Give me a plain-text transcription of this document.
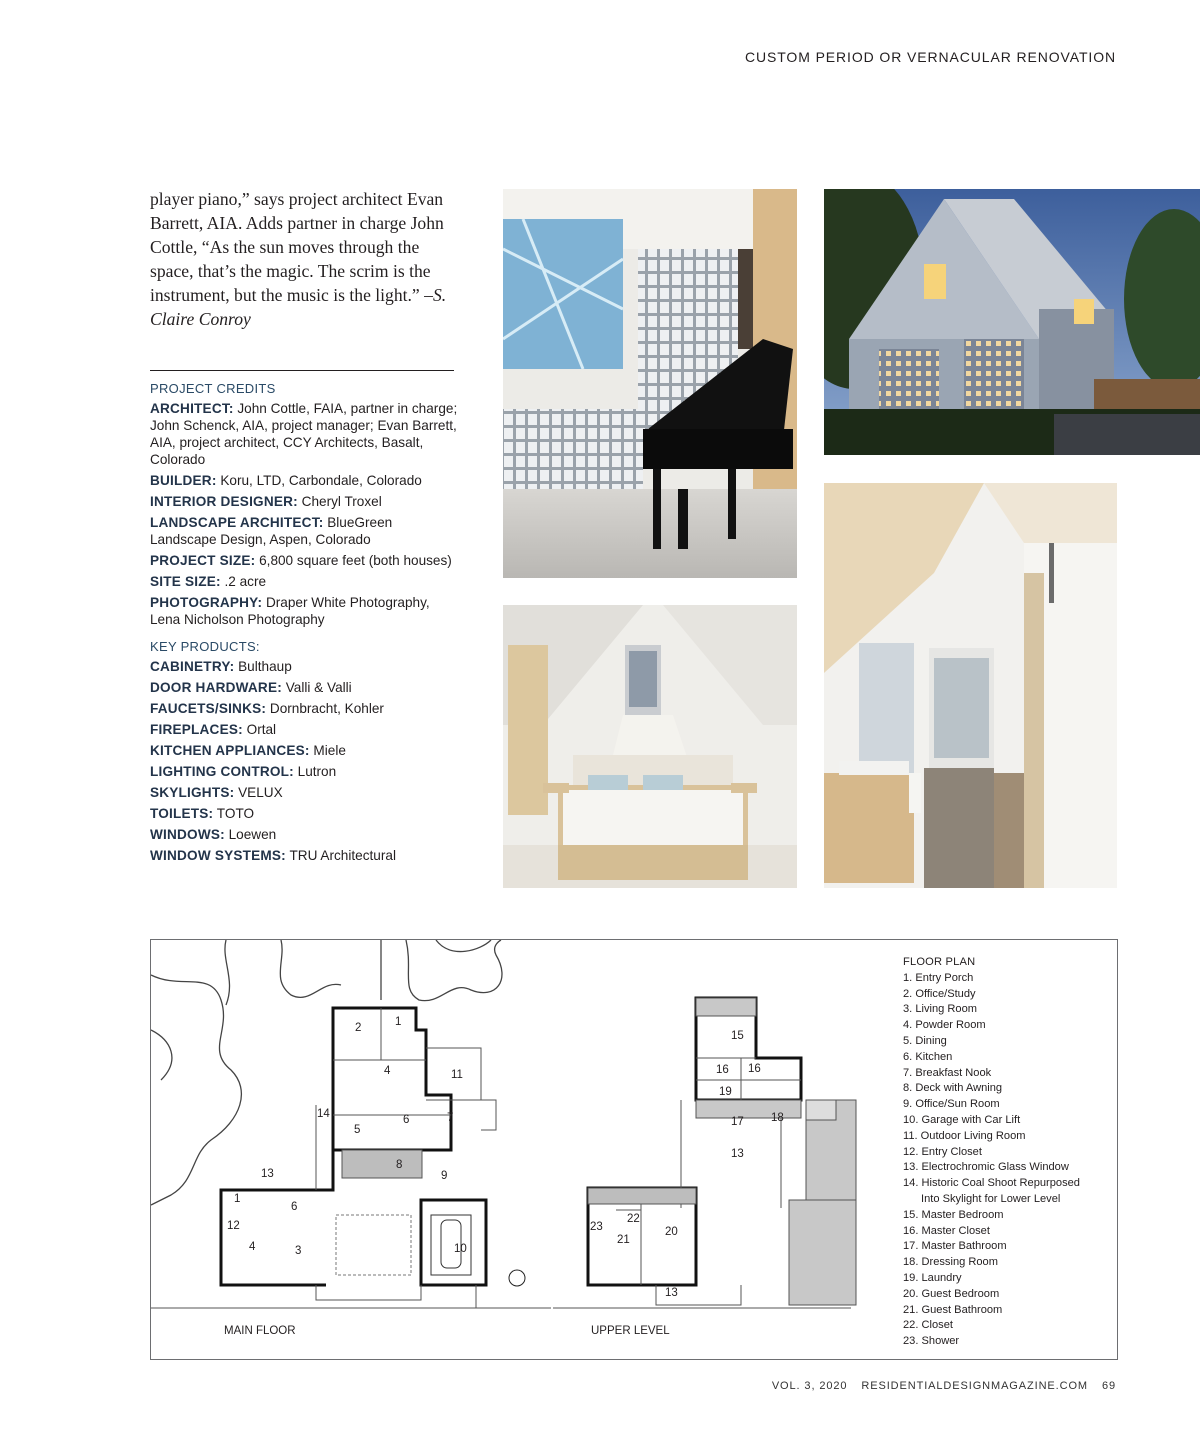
CUSTOM PERIOD OR VERNACULAR RENOVATION
player piano,” says project architect Evan Barrett, AIA. Adds partner in charge John Cottle, “As the sun moves through the space, that’s the magic. The scrim is the instrument, but the music is the light.” –S. Claire Conroy
PROJECT CREDITS
ARCHITECT: John Cottle, FAIA, partner in charge; John Schenck, AIA, project manager; Evan Barrett, AIA, project architect, CCY Architects, Basalt, Colorado
BUILDER: Koru, LTD, Carbondale, Colorado
INTERIOR DESIGNER: Cheryl Troxel
LANDSCAPE ARCHITECT: BlueGreen Landscape Design, Aspen, Colorado
PROJECT SIZE: 6,800 square feet (both houses)
SITE SIZE: .2 acre
PHOTOGRAPHY: Draper White Photography, Lena Nicholson Photography
KEY PRODUCTS:
CABINETRY: Bulthaup
DOOR HARDWARE: Valli & Valli
FAUCETS/SINKS: Dornbracht, Kohler
FIREPLACES: Ortal
KITCHEN APPLIANCES: Miele
LIGHTING CONTROL: Lutron
SKYLIGHTS: VELUX
TOILETS: TOTO
WINDOWS: Loewen
WINDOW SYSTEMS: TRU Architectural
1
2
4	11
14
5
6	7
8
9
13
1
12
6
4	3	10
15
16 16
19
17 18
13
20
21
22
23
13
MAIN FLOOR	UPPER LEVEL
FLOOR PLAN
1. Entry Porch
2. Office/Study
3. Living Room
4. Powder Room
5. Dining
6. Kitchen
7. Breakfast Nook
8. Deck with Awning
9. Office/Sun Room
10. Garage with Car Lift
11. Outdoor Living Room
12. Entry Closet
13. Electrochromic Glass Window
14. Historic Coal Shoot Repurposed
Into Skylight for Lower Level
15. Master Bedroom
16. Master Closet
17. Master Bathroom
18. Dressing Room
19. Laundry
20. Guest Bedroom
21. Guest Bathroom
22. Closet
23. Shower
VOL. 3, 2020 RESIDENTIALDESIGNMAGAZINE.COM 69
